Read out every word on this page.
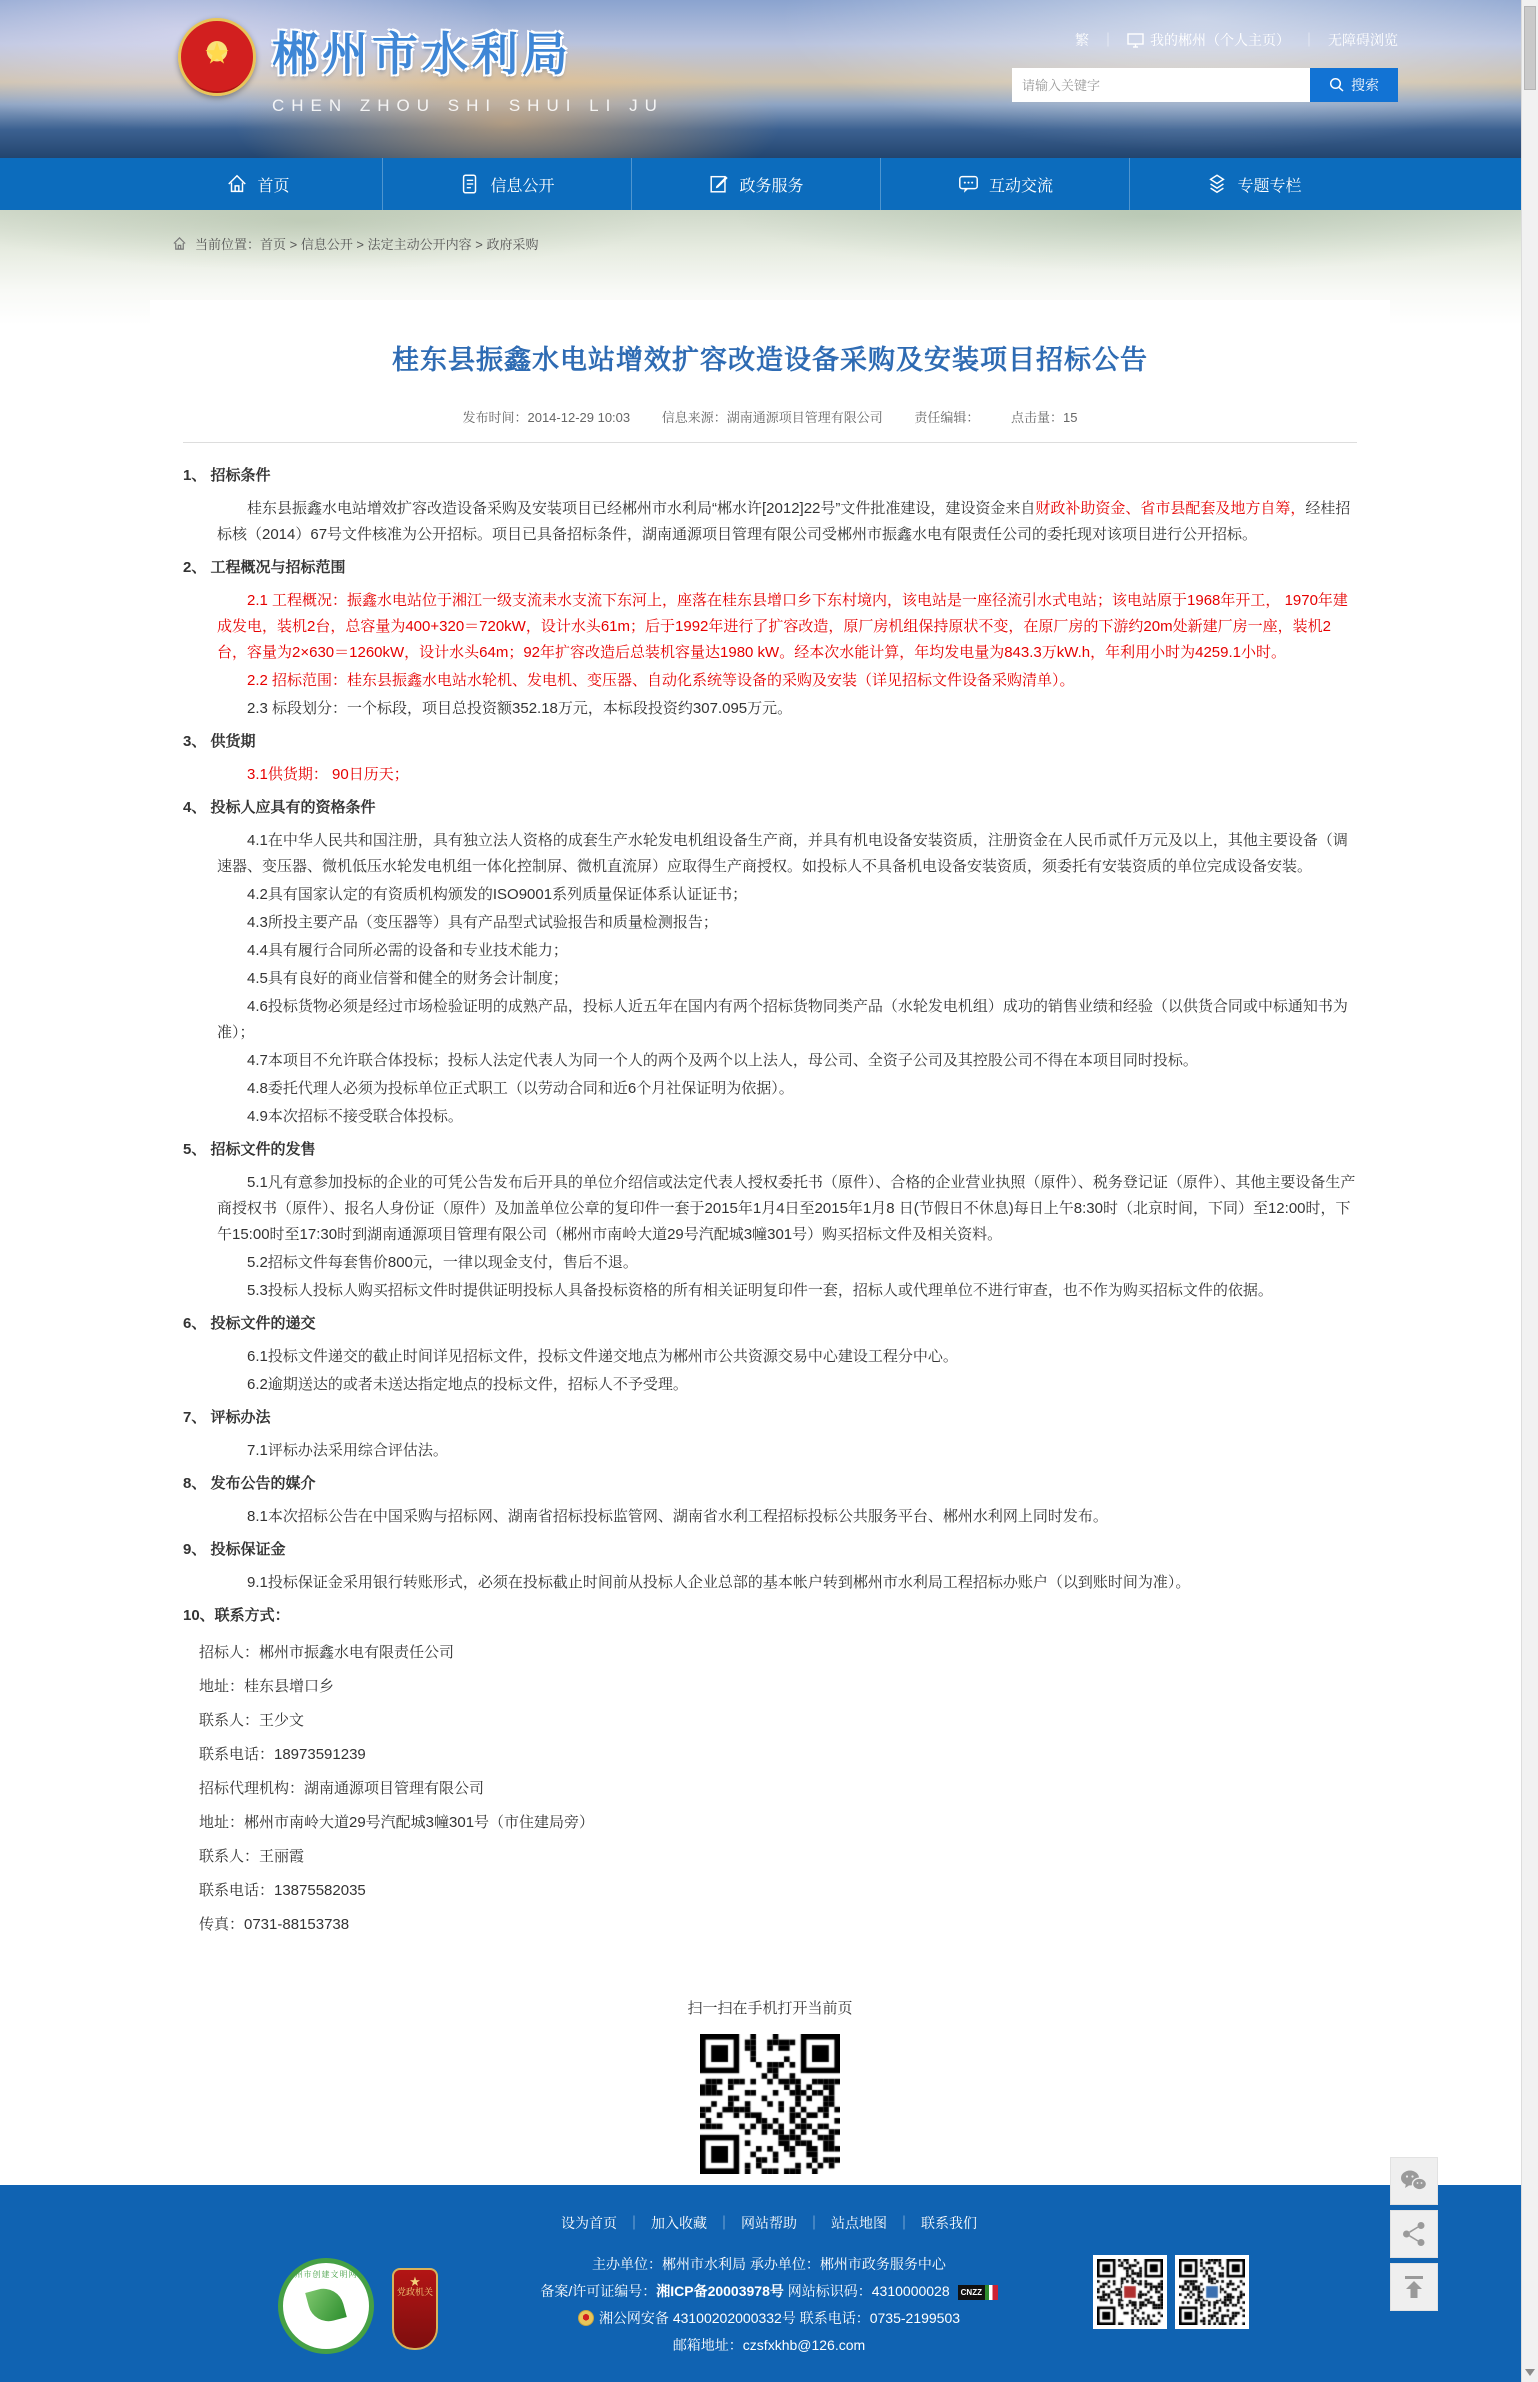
★
郴州市水利局
CHEN ZHOU SHI SHUI LI JU
繁 ｜	我的郴州（个人主页） ｜ 无障碍浏览
请输入关键字
搜索
首页	信息公开	政务服务	互动交流	专题专栏
当前位置：首页 > 信息公开 > 法定主动公开内容 > 政府采购
桂东县振鑫水电站增效扩容改造设备采购及安装项目招标公告
发布时间：2014-12-29 10:03 信息来源：湖南通源项目管理有限公司 责任编辑： 点击量：15
1、 招标条件
桂东县振鑫水电站增效扩容改造设备采购及安装项目已经郴州市水利局“郴水许[2012]22号”文件批准建设，建设资金来自财政补助资金、省市县配套及地方自筹，经桂招标核（2014）67号文件核准为公开招标。项目已具备招标条件，湖南通源项目管理有限公司受郴州市振鑫水电有限责任公司的委托现对该项目进行公开招标。
2、 工程概况与招标范围
2.1 工程概况：振鑫水电站位于湘江一级支流耒水支流下东河上，座落在桂东县增口乡下东村境内，该电站是一座径流引水式电站；该电站原于1968年开工， 1970年建成发电，装机2台，总容量为400+320＝720kW，设计水头61m；后于1992年进行了扩容改造，原厂房机组保持原状不变，在原厂房的下游约20m处新建厂房一座，装机2台，容量为2×630＝1260kW，设计水头64m；92年扩容改造后总装机容量达1980 kW。经本次水能计算，年均发电量为843.3万kW.h，年利用小时为4259.1小时。
2.2 招标范围：桂东县振鑫水电站水轮机、发电机、变压器、自动化系统等设备的采购及安装（详见招标文件设备采购清单）。
2.3 标段划分：一个标段，项目总投资额352.18万元，本标段投资约307.095万元。
3、 供货期
3.1供货期： 90日历天；
4、 投标人应具有的资格条件
4.1在中华人民共和国注册，具有独立法人资格的成套生产水轮发电机组设备生产商，并具有机电设备安装资质，注册资金在人民币贰仟万元及以上，其他主要设备（调速器、变压器、微机低压水轮发电机组一体化控制屏、微机直流屏）应取得生产商授权。如投标人不具备机电设备安装资质，须委托有安装资质的单位完成设备安装。
4.2具有国家认定的有资质机构颁发的ISO9001系列质量保证体系认证证书；
4.3所投主要产品（变压器等）具有产品型式试验报告和质量检测报告；
4.4具有履行合同所必需的设备和专业技术能力；
4.5具有良好的商业信誉和健全的财务会计制度；
4.6投标货物必须是经过市场检验证明的成熟产品，投标人近五年在国内有两个招标货物同类产品（水轮发电机组）成功的销售业绩和经验（以供货合同或中标通知书为准）；
4.7本项目不允许联合体投标；投标人法定代表人为同一个人的两个及两个以上法人，母公司、全资子公司及其控股公司不得在本项目同时投标。
4.8委托代理人必须为投标单位正式职工（以劳动合同和近6个月社保证明为依据）。
4.9本次招标不接受联合体投标。
5、 招标文件的发售
5.1凡有意参加投标的企业的可凭公告发布后开具的单位介绍信或法定代表人授权委托书（原件）、合格的企业营业执照（原件）、税务登记证（原件）、其他主要设备生产商授权书（原件）、报名人身份证（原件）及加盖单位公章的复印件一套于2015年1月4日至2015年1月8 日(节假日不休息)每日上午8:30时（北京时间，下同）至12:00时，下午15:00时至17:30时到湖南通源项目管理有限公司（郴州市南岭大道29号汽配城3幢301号）购买招标文件及相关资料。
5.2招标文件每套售价800元，一律以现金支付，售后不退。
5.3投标人投标人购买招标文件时提供证明投标人具备投标资格的所有相关证明复印件一套，招标人或代理单位不进行审查，也不作为购买招标文件的依据。
6、 投标文件的递交
6.1投标文件递交的截止时间详见招标文件，投标文件递交地点为郴州市公共资源交易中心建设工程分中心。
6.2逾期送达的或者未送达指定地点的投标文件，招标人不予受理。
7、 评标办法
7.1评标办法采用综合评估法。
8、 发布公告的媒介
8.1本次招标公告在中国采购与招标网、湖南省招标投标监管网、湖南省水利工程招标投标公共服务平台、郴州水利网上同时发布。
9、 投标保证金
9.1投标保证金采用银行转账形式，必须在投标截止时间前从投标人企业总部的基本帐户转到郴州市水利局工程招标办账户（以到账时间为准）。
10、联系方式：
招标人：郴州市振鑫水电有限责任公司
地址：桂东县增口乡
联系人：王少文
联系电话：18973591239
招标代理机构：湖南通源项目管理有限公司
地址：郴州市南岭大道29号汽配城3幢301号（市住建局旁）
联系人：王丽霞
联系电话：13875582035
传真：0731-88153738
扫一扫在手机打开当前页
设为首页 ｜ 加入收藏 ｜ 网站帮助 ｜ 站点地图 ｜ 联系我们
主办单位：郴州市水利局 承办单位：郴州市政务服务中心
备案/许可证编号：湘ICP备20003978号 网站标识码：4310000028 CNZZ
湘公网安备 43100202000332号 联系电话：0735-2199503
邮箱地址：czsfxkhb@126.com
郴州市创建文明网站	★
党政机关
